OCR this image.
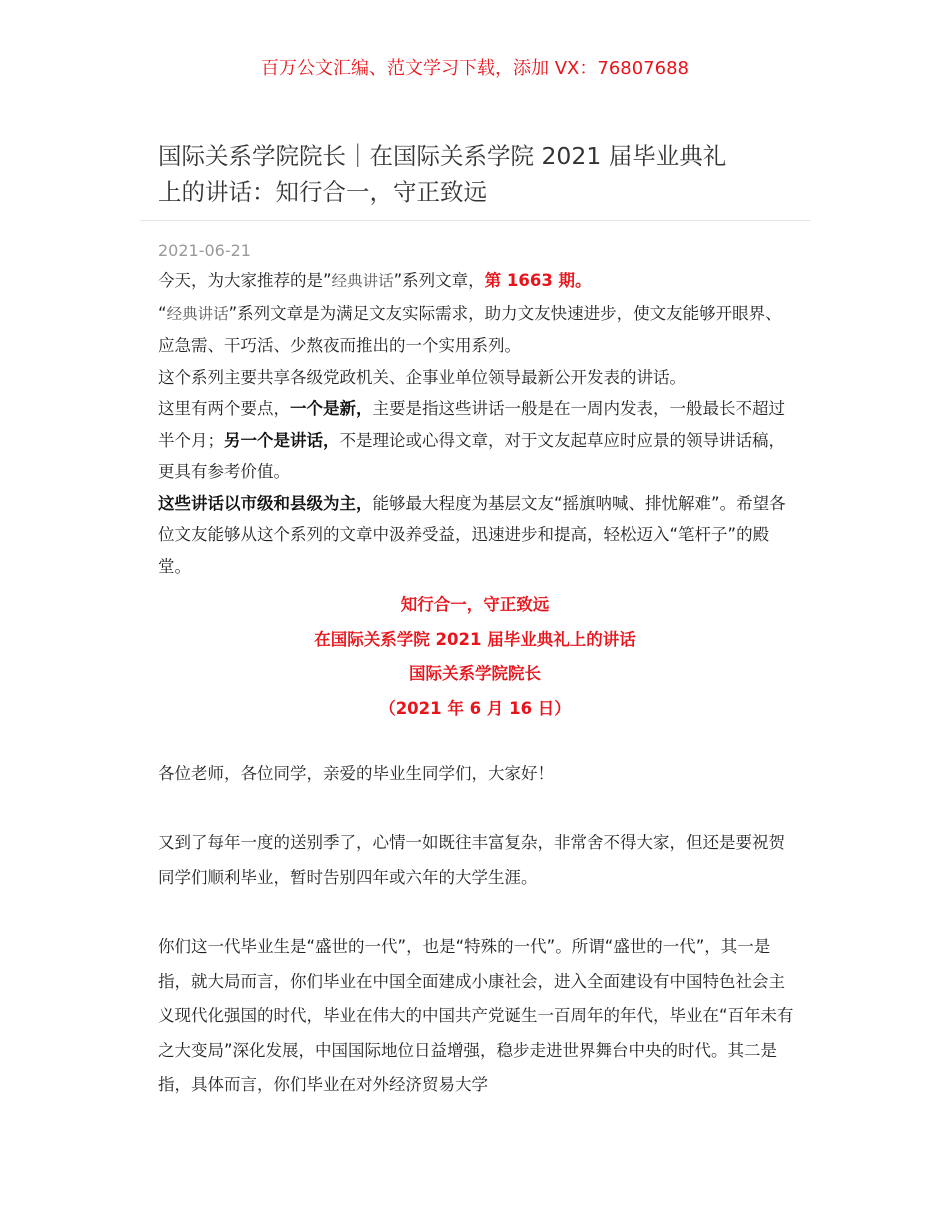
百万公文汇编、范文学习下载，添加 VX：76807688
国际关系学院院长｜在国际关系学院 2021 届毕业典礼
上的讲话：知行合一，守正致远
2021-06-21

今天，为大家推荐的是”经典讲话”系列文章，第 1663 期。

“经典讲话”系列文章是为满足文友实际需求，助力文友快速进步，使文友能够开眼界、应急需、干巧活、少熬夜而推出的一个实用系列。

这个系列主要共享各级党政机关、企事业单位领导最新公开发表的讲话。

这里有两个要点，一个是新，主要是指这些讲话一般是在一周内发表，一般最长不超过半个月；另一个是讲话，不是理论或心得文章，对于文友起草应时应景的领导讲话稿，更具有参考价值。

这些讲话以市级和县级为主，能够最大程度为基层文友“摇旗呐喊、排忧解难”。希望各位文友能够从这个系列的文章中汲养受益，迅速进步和提高，轻松迈入“笔杆子”的殿堂。

知行合一，守正致远
在国际关系学院 2021 届毕业典礼上的讲话
国际关系学院院长
（2021 年 6 月 16 日）

各位老师，各位同学，亲爱的毕业生同学们，大家好！

又到了每年一度的送别季了，心情一如既往丰富复杂，非常舍不得大家，但还是要祝贺同学们顺利毕业，暂时告别四年或六年的大学生涯。

你们这一代毕业生是“盛世的一代”，也是“特殊的一代”。所谓“盛世的一代”，其一是指，就大局而言，你们毕业在中国全面建成小康社会，进入全面建设有中国特色社会主义现代化强国的时代，毕业在伟大的中国共产党诞生一百周年的年代，毕业在“百年未有之大变局”深化发展，中国国际地位日益增强，稳步走进世界舞台中央的时代。其二是指，具体而言，你们毕业在对外经济贸易大学
